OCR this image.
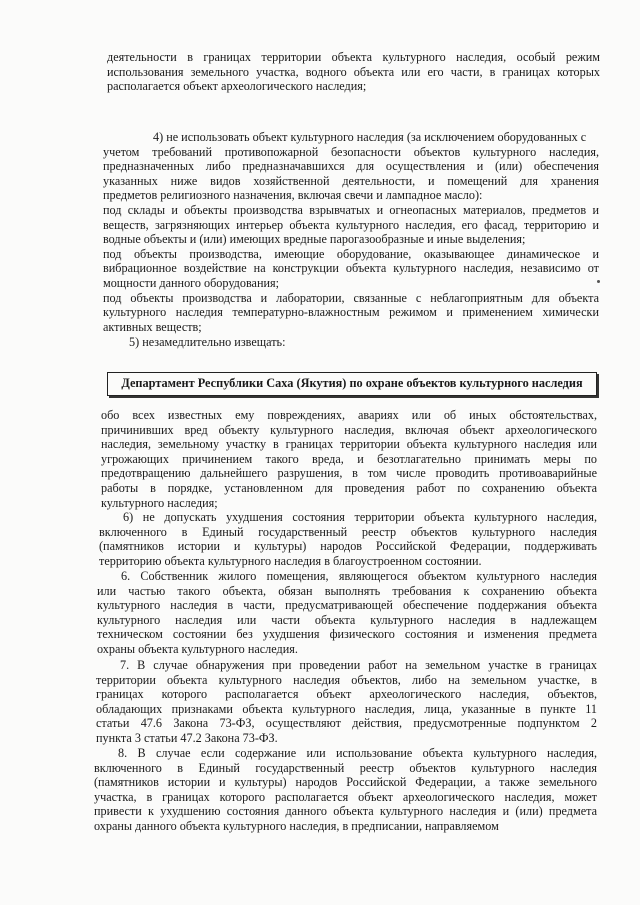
деятельности в границах территории объекта культурного наследия, особый режим
использования земельного участка, водного объекта или его части, в границах которых
располагается объект археологического наследия;
4) не использовать объект культурного наследия (за исключением оборудованных с
учетом требований противопожарной безопасности объектов культурного наследия,
предназначенных либо предназначавшихся для осуществления и (или) обеспечения
указанных ниже видов хозяйственной деятельности, и помещений для хранения
предметов религиозного назначения, включая свечи и лампадное масло):
под склады и объекты производства взрывчатых и огнеопасных материалов, предметов и
веществ, загрязняющих интерьер объекта культурного наследия, его фасад, территорию и
водные объекты и (или) имеющих вредные парогазообразные и иные выделения;
под объекты производства, имеющие оборудование, оказывающее динамическое и
вибрационное воздействие на конструкции объекта культурного наследия, независимо от
мощности данного оборудования;
под объекты производства и лаборатории, связанные с неблагоприятным для объекта
культурного наследия температурно-влажностным режимом и применением химически
активных веществ;
5) незамедлительно извещать:
Департамент Республики Саха (Якутия) по охране объектов культурного наследия
обо всех известных ему повреждениях, авариях или об иных обстоятельствах,
причинивших вред объекту культурного наследия, включая объект археологического
наследия, земельному участку в границах территории объекта культурного наследия или
угрожающих причинением такого вреда, и безотлагательно принимать меры по
предотвращению дальнейшего разрушения, в том числе проводить противоаварийные
работы в порядке, установленном для проведения работ по сохранению объекта
культурного наследия;
6) не допускать ухудшения состояния территории объекта культурного наследия,
включенного в Единый государственный реестр объектов культурного наследия
(памятников истории и культуры) народов Российской Федерации, поддерживать
территорию объекта культурного наследия в благоустроенном состоянии.
6. Собственник жилого помещения, являющегося объектом культурного наследия
или частью такого объекта, обязан выполнять требования к сохранению объекта
культурного наследия в части, предусматривающей обеспечение поддержания объекта
культурного наследия или части объекта культурного наследия в надлежащем
техническом состоянии без ухудшения физического состояния и изменения предмета
охраны объекта культурного наследия.
7. В случае обнаружения при проведении работ на земельном участке в границах
территории объекта культурного наследия объектов, либо на земельном участке, в
границах которого располагается объект археологического наследия, объектов,
обладающих признаками объекта культурного наследия, лица, указанные в пункте 11
статьи 47.6 Закона 73-ФЗ, осуществляют действия, предусмотренные подпунктом 2
пункта 3 статьи 47.2 Закона 73-ФЗ.
8. В случае если содержание или использование объекта культурного наследия,
включенного в Единый государственный реестр объектов культурного наследия
(памятников истории и культуры) народов Российской Федерации, а также земельного
участка, в границах которого располагается объект археологического наследия, может
привести к ухудшению состояния данного объекта культурного наследия и (или) предмета
охраны данного объекта культурного наследия, в предписании, направляемом
